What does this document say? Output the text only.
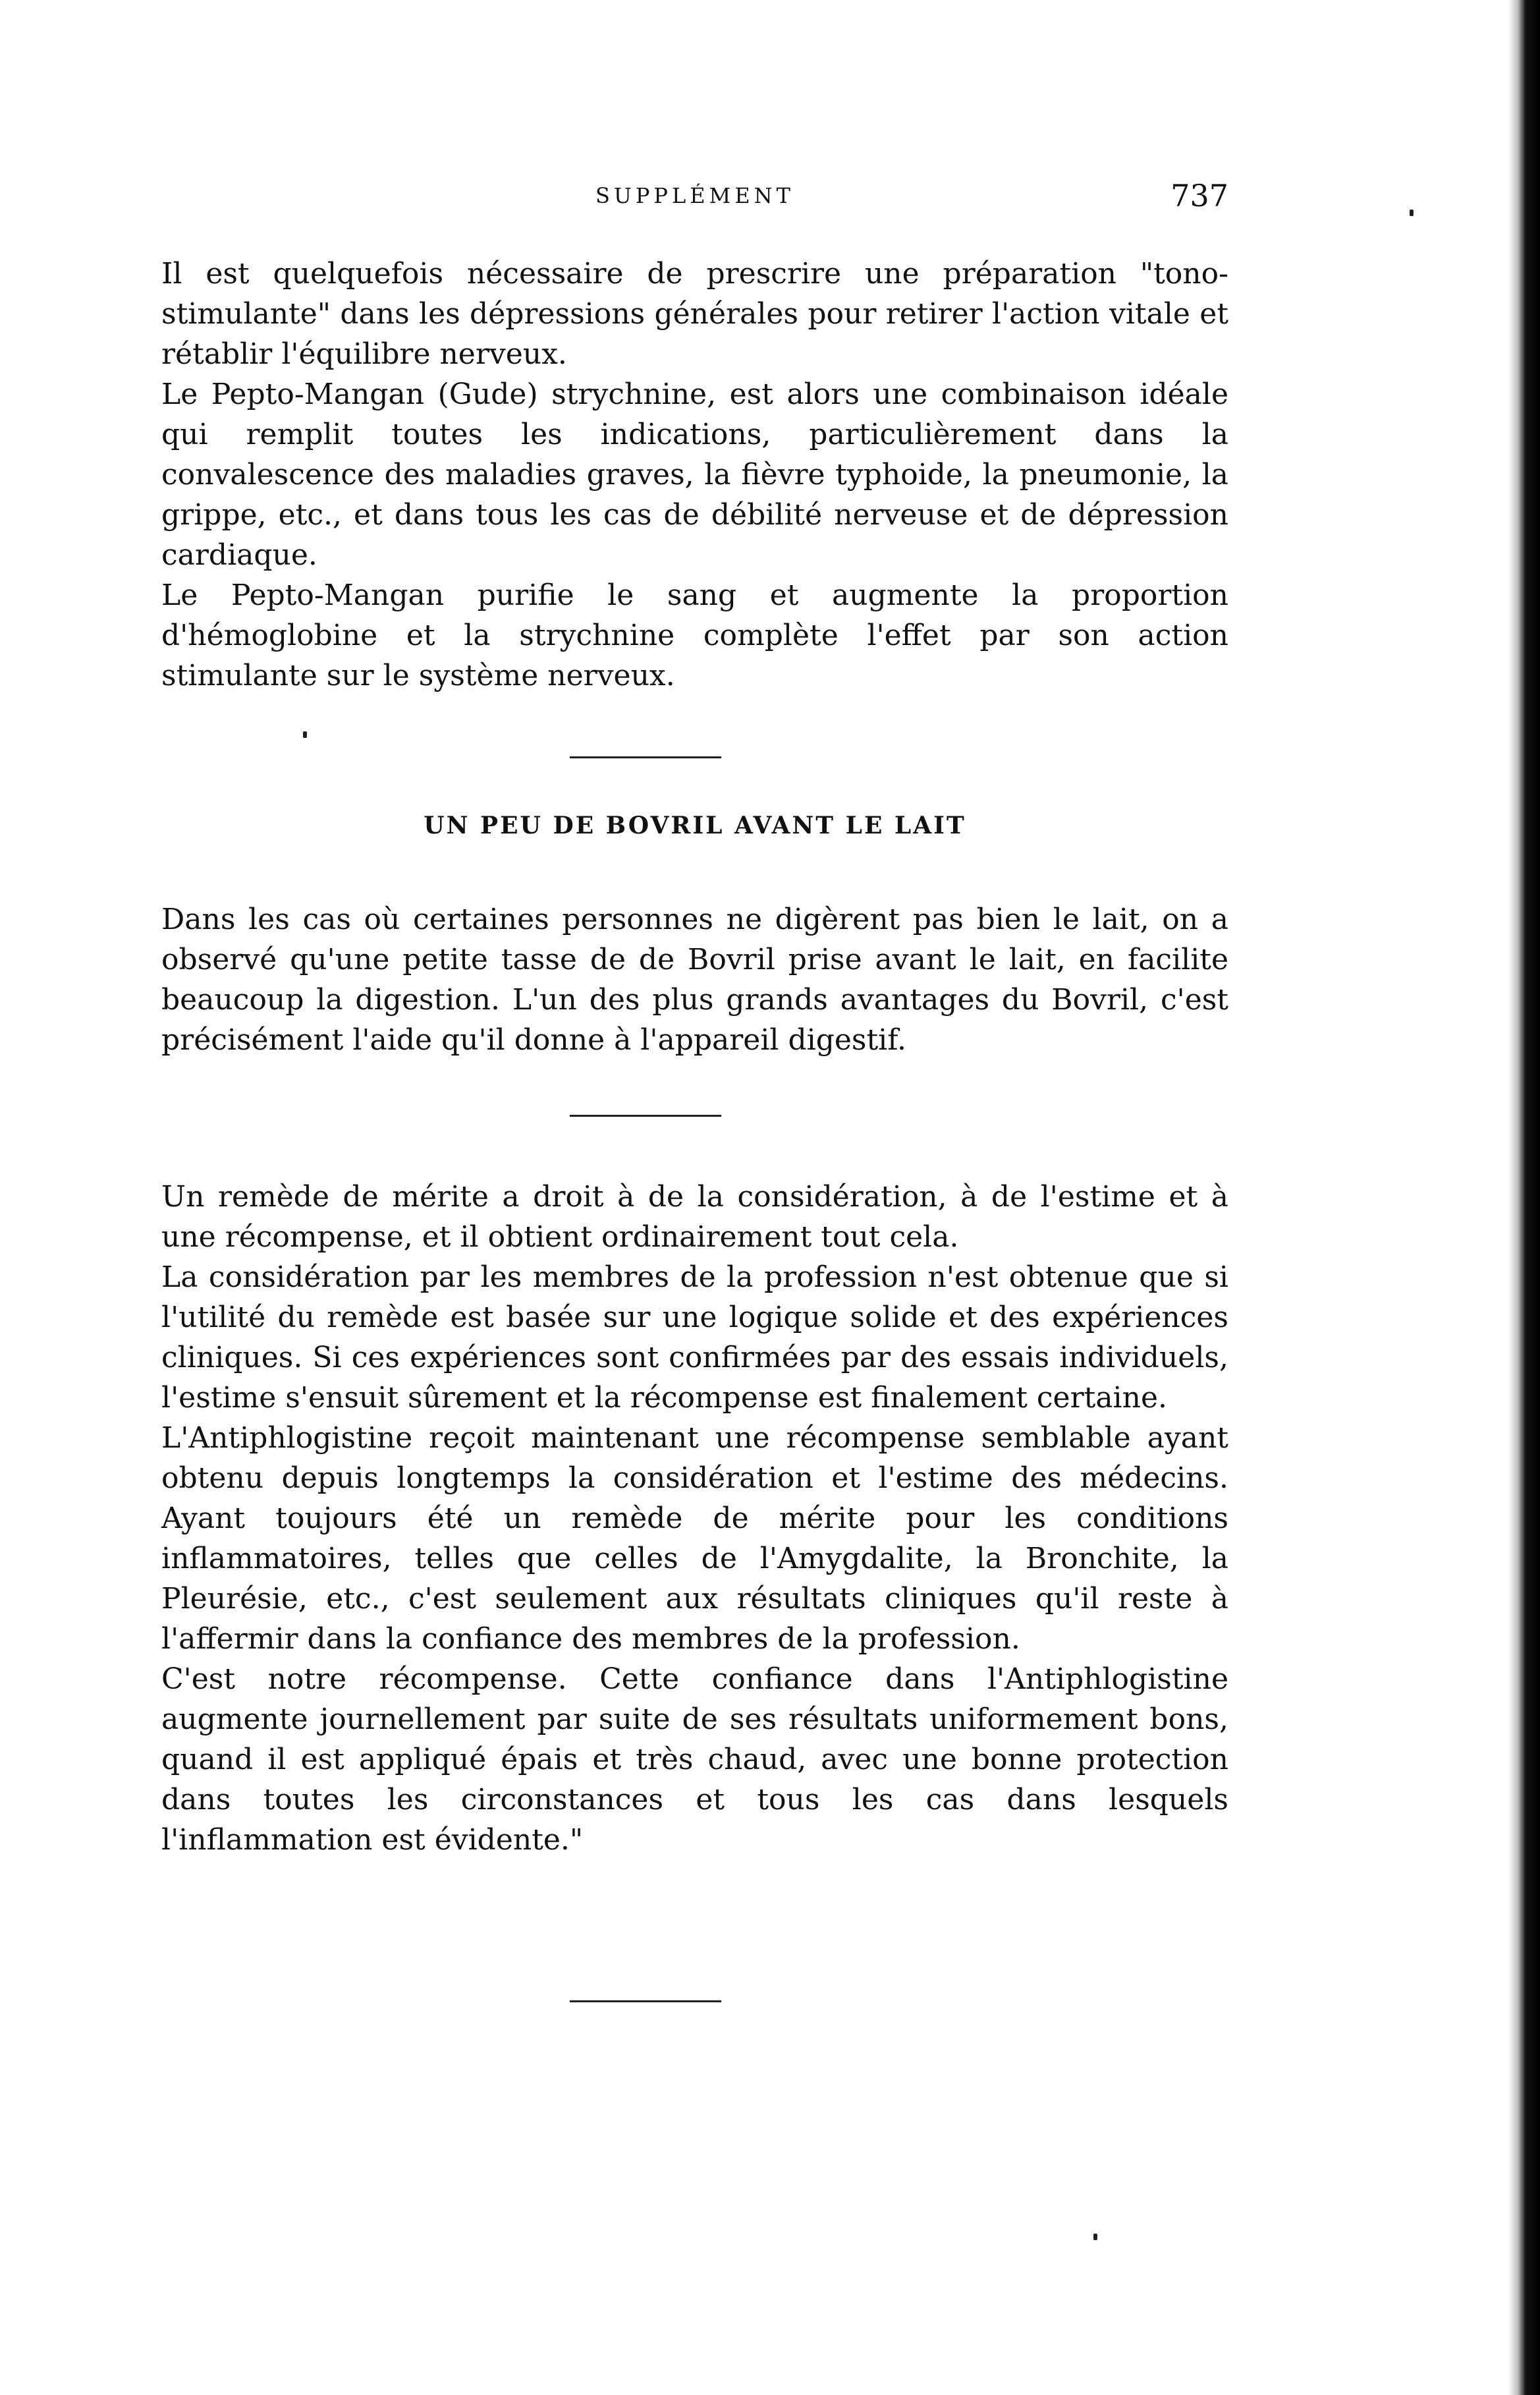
SUPPLÉMENT	737

Il est quelquefois nécessaire de prescrire une préparation "tono-stimulante" dans les dépressions générales pour retirer l'action vitale et rétablir l'équilibre nerveux.

Le Pepto-Mangan (Gude) strychnine, est alors une combinaison idéale qui remplit toutes les indications, particulièrement dans la convalescence des maladies graves, la fièvre typhoide, la pneumonie, la grippe, etc., et dans tous les cas de débilité nerveuse et de dépression cardiaque.

Le Pepto-Mangan purifie le sang et augmente la proportion d'hémoglobine et la strychnine complète l'effet par son action stimulante sur le système nerveux.

UN PEU DE BOVRIL AVANT LE LAIT

Dans les cas où certaines personnes ne digèrent pas bien le lait, on a observé qu'une petite tasse de de Bovril prise avant le lait, en facilite beaucoup la digestion. L'un des plus grands avantages du Bovril, c'est précisément l'aide qu'il donne à l'appareil digestif.

Un remède de mérite a droit à de la considération, à de l'estime et à une récompense, et il obtient ordinairement tout cela.

La considération par les membres de la profession n'est obtenue que si l'utilité du remède est basée sur une logique solide et des expériences cliniques. Si ces expériences sont confirmées par des essais individuels, l'estime s'ensuit sûrement et la récompense est finalement certaine.

L'Antiphlogistine reçoit maintenant une récompense semblable ayant obtenu depuis longtemps la considération et l'estime des médecins. Ayant toujours été un remède de mérite pour les conditions inflammatoires, telles que celles de l'Amygdalite, la Bronchite, la Pleurésie, etc., c'est seulement aux résultats cliniques qu'il reste à l'affermir dans la confiance des membres de la profession.

C'est notre récompense. Cette confiance dans l'Antiphlogistine augmente journellement par suite de ses résultats uniformement bons, quand il est appliqué épais et très chaud, avec une bonne protection dans toutes les circonstances et tous les cas dans lesquels l'inflammation est évidente."
